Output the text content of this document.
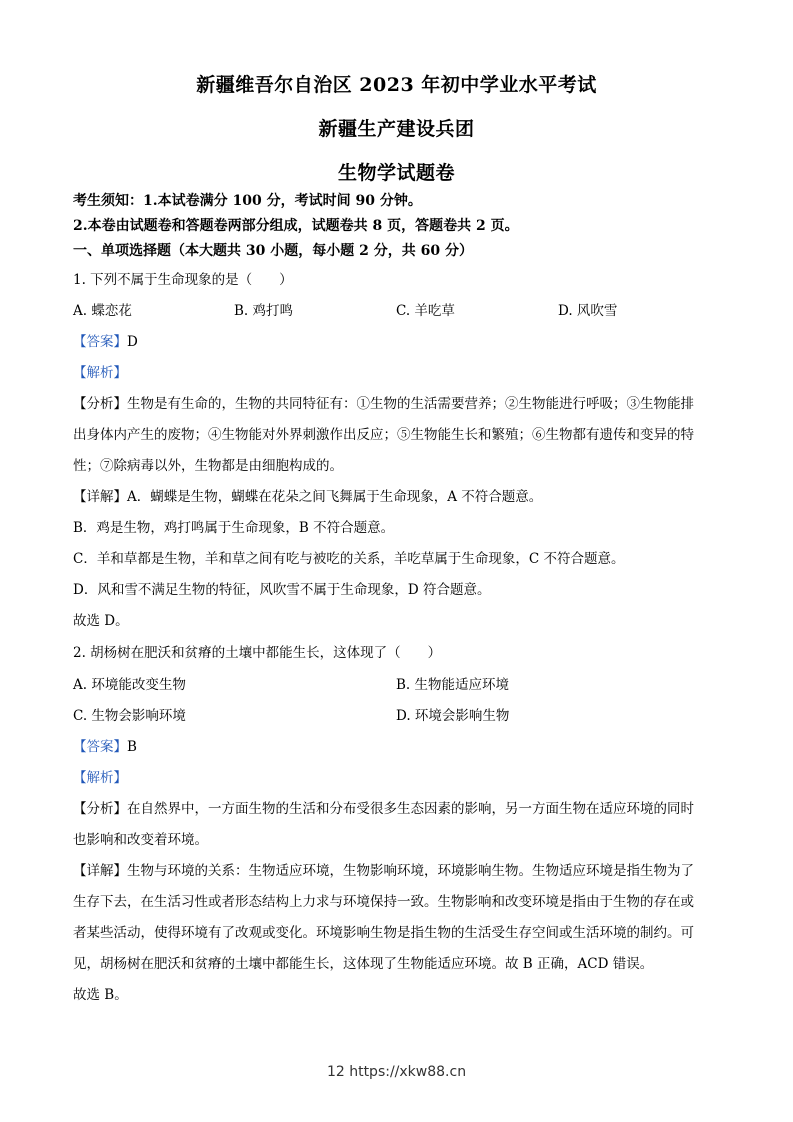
新疆维吾尔自治区 2023 年初中学业水平考试
新疆生产建设兵团
生物学试题卷
考生须知：1.本试卷满分 100 分，考试时间 90 分钟。
2.本卷由试题卷和答题卷两部分组成，试题卷共 8 页，答题卷共 2 页。
一、单项选择题（本大题共 30 小题，每小题 2 分，共 60 分）
1. 下列不属于生命现象的是（　　）
A. 蝶恋花	B. 鸡打鸣	C. 羊吃草	D. 风吹雪
【答案】D
【解析】
【分析】生物是有生命的，生物的共同特征有：①生物的生活需要营养；②生物能进行呼吸；③生物能排
出身体内产生的废物；④生物能对外界刺激作出反应；⑤生物能生长和繁殖；⑥生物都有遗传和变异的特
性；⑦除病毒以外，生物都是由细胞构成的。
【详解】A．蝴蝶是生物，蝴蝶在花朵之间飞舞属于生命现象，A 不符合题意。
B．鸡是生物，鸡打鸣属于生命现象，B 不符合题意。
C．羊和草都是生物，羊和草之间有吃与被吃的关系，羊吃草属于生命现象，C 不符合题意。
D．风和雪不满足生物的特征，风吹雪不属于生命现象，D 符合题意。
故选 D。
2. 胡杨树在肥沃和贫瘠的土壤中都能生长，这体现了（　　）
A. 环境能改变生物	B. 生物能适应环境
C. 生物会影响环境	D. 环境会影响生物
【答案】B
【解析】
【分析】在自然界中，一方面生物的生活和分布受很多生态因素的影响，另一方面生物在适应环境的同时
也影响和改变着环境。
【详解】生物与环境的关系：生物适应环境，生物影响环境，环境影响生物。生物适应环境是指生物为了
生存下去，在生活习性或者形态结构上力求与环境保持一致。生物影响和改变环境是指由于生物的存在或
者某些活动，使得环境有了改观或变化。环境影响生物是指生物的生活受生存空间或生活环境的制约。可
见，胡杨树在肥沃和贫瘠的土壤中都能生长，这体现了生物能适应环境。故 B 正确，ACD 错误。
故选 B。
12 https://xkw88.cn
